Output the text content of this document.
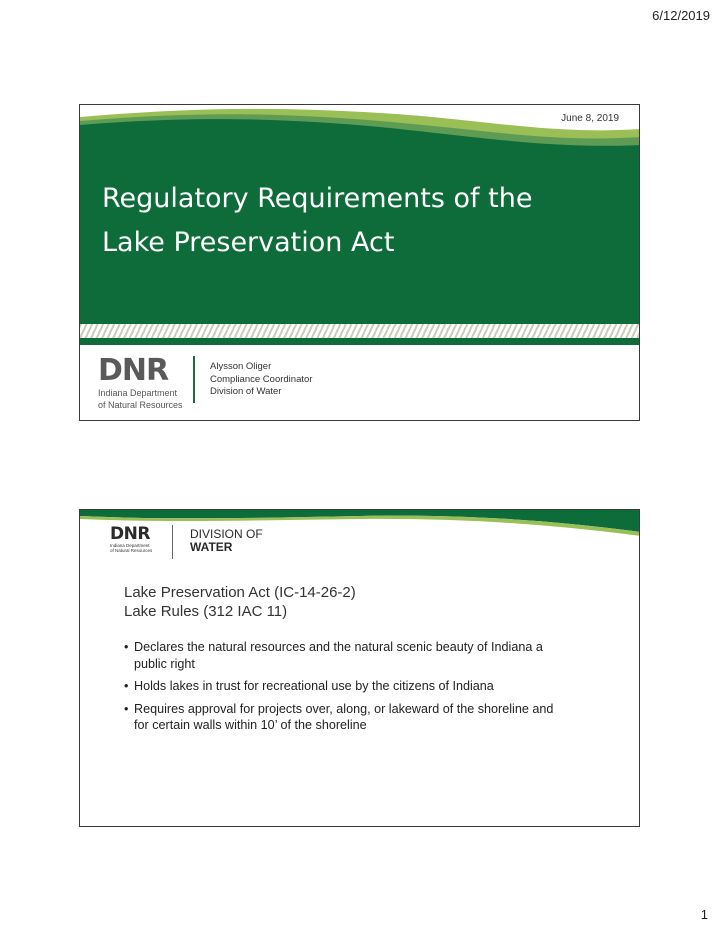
6/12/2019
June 8, 2019
Regulatory Requirements of the
Lake Preservation Act
DNR
Indiana Department
of Natural Resources
Alysson Oliger
Compliance Coordinator
Division of Water
DNR
Indiana Department
of Natural Resources
DIVISION OF
WATER
Lake Preservation Act (IC-14-26-2)
Lake Rules (312 IAC 11)
• Declares the natural resources and the natural scenic beauty of Indiana a public right
• Holds lakes in trust for recreational use by the citizens of Indiana
• Requires approval for projects over, along, or lakeward of the shoreline and for certain walls within 10’ of the shoreline
1
